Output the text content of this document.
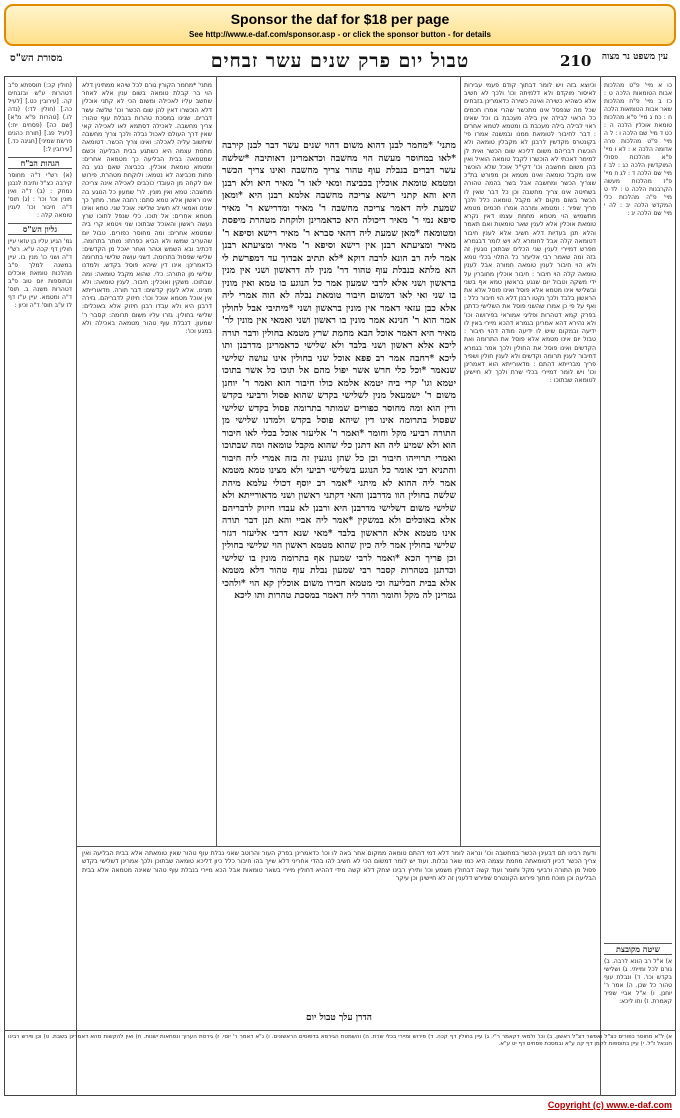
Sponsor the daf for $18 per page
See http://www.e-daf.com/sponsor.asp - or click the sponsor button - for details
מסורת הש"ס	טבול יום פרק שנים עשר זבחים	עין משפט נר מצוה
210

כו א מיי' פ"ט מהלכות אבות הטומאות הלכה ט : כז ב מיי' פ"ח מהלכות שאר אבות הטומאות הלכה ח : כח ג מיי' פ"א מהלכות טומאת אוכלין הלכה ה : כט ד מיי' שם הלכה ו : ל ה מיי' פ"ט מהלכות פרה אדומה הלכה א : לא ו מיי' פ"א מהלכות פסולי המוקדשין הלכה כג : לב ז מיי' שם הלכה ד : לג ח מיי' פ"ז מהלכות מעשה הקרבנות הלכה ט : לד ט מיי' פ"ה מהלכות כלי המקדש הלכה יב : לה י מיי' שם הלכה יג :

וכיוצא בזה ויש לומר דבתוך קודם פעמי עבירות לאיסור מוקדם ולא דלמיתה וכו' ולכך לא חשיב אלא כשהיא כשירה ואינה כשירה כדאמרינן בזבחים שכל מה שנפסל אינו מתכשר שהרי אמרו חכמים כל הראוי לבילה אין בילה מעכבת בו וכל שאינו ראוי לבילה בילה מעכבת בו ומטמא לטמא אחרים : דבר לחיבור לטומאת ממנו ובמשנה אמרו פי' בקונטרס מקדשין לרבנן לא מקבלין טומאה ולא הוכשרו דבריהם משום דליכא שום הכשר ואית לן למימר דאכתי לא הוכשרו לקבל טומאה הואיל ואין בהן משום מחשבה וכו' דקי"ל אוכל שלא הוכשר אינו מקבל טומאה ואינו מטמא וכן מפורש בת"כ שצריך הכשר ומחשבה אבל בשר בהמה טהורה בשחיטה אינו צריך מחשבה וכן כל דבר שאין לו הכשר בשום מקום לא מקבל טומאה כלל ולכך פריך שפיר : ומטמא ומרבה אמרו חכמים מטמא מתשמיש הוי מטמא מחמת עצמו דאין נקרא טומאת אוכלין אלא לענין שאר טומאות ואם תאמר והלא תנן בעדיות דלא חשיב אלא לענין חיבור דטומאה קלה אבל לחומרא לא ויש לומר דבגמרא מפרש דמיירי לענין שני הכלים שבתוכן נוגעין זה בזה ומה שאמר רבי אליעזר כל התלוי בכלי טמא ולא הוי חיבור לענין טומאה חמורה אבל לענין טומאה קלה הוי חיבור : חיבור אוכלין מחוברין על ידי משקה וטבול יום שנגע בראשון טמא אף בשני ובשלישי אינו מטמא אלא פוסל ואינו פוסל אלא את הראשון בלבד ולכך נקטו רבנן דלא הוי חיבור כלל : ואף על פי כן אמרו שהשני פוסל את השלישי כדתנן בפרק קמא דטהרות ופליגי אמוראי בפירושה וכו' ולא נהירא דהא אמרינן בגמרא דהכא מיירי באין לו ידיעה ובמקום שיש לו ידיעה מודה דהוי חיבור : טבול יום אינו מטמא אלא פוסל את התרומה ואת הקדשים ואינו פוסל את החולין ולכך אמר בגמרא דחיבור לענין תרומה וקדשים ולא לענין חולין ושפיר פריך מברייתא דהתם : מדאורייתא הוא דאמרינן וכו' ויש לומר דמיירי בכלי שרת ולכך לא חיישינן לטומאה שבתוכו :

מתני' *מחמר לבנן דהוא משום דהוי שנים עשר דבר לבנן קירבה *לאו במחוסר מעשה הוי מחשבה וכדאמרינן דאותיבה *שלשה עשר דברים בנבלת עוף טהור צריך מחשבה ואינו צריך הכשר ומטמא טומאת אוכלין בכביצה ומאי לאו ר' מאיר היא ולא רבנן היא והא קתני רישא צריכה מחשבה אלמא רבנן היא *ומאן שמעת ליה דאמר צריכה מחשבה ר' מאיר ומדרישא ר' מאיר סיפא נמי ר' מאיר דיכולה היא כדאמרינן ולוקחת מטהרת מיפסת ומטומאה *מאן שמעת ליה דהאי סברא ר' מאיר רישא וסיפא ר' מאיר ומציעתא רבנן אין רישא וסיפא ר' מאיר ומציעתא רבנן אמר ליה רב הונא לרבה דוקא *לא תתיב אבדוך עד דמפרשת לי הא מלתא בנבלת עוף טהור דר' מנין לה דראשון ושני אין מנין בראשון ושני אלא לרבי שמעון אמר כל הנוגע בו טמא ואין מונין בו שני ואי לאו דמשום חיבור טומאת נבלה לא הוה אמרי ליה אלא כבן עזאי דאמר אין מונין בראשון ושני *מיתיבי אבל לחולין אמר הוא ר' חנינא אמר מונין בו ראשון ושני ואמאי אין מונין לר' מאיר היא דאמר אוכל הבא מחמת שרץ מטמא בחולין ודבר תורה ליכא אלא ראשון ושני בלבד ולא שלישי כדאמרינן מדרבנן ותו ליכא *רחבה אמר רב פפא אוכל שני בחולין אינו עושה שלישי שנאמר *וכל כלי חרש אשר יפול מהם אל תוכו כל אשר בתוכו יטמא וגו' קרי ביה יטמא אלמא כולו חיבור הוא ואמר ר' יוחנן משום ר' ישמעאל מנין לשלישי בקדש שהוא פסול ורביעי בקדש ודין הוא ומה מחוסר כפורים שמותר בתרומה פסול בקדש שלישי שפסול בתרומה אינו דין שיהא פוסל בקדש ולמדנו שלישי מן התורה רביעי מקל וחומר *ואמר ר' אליעזר אוכל בכלי לאו חיבור הוא ולא שמיע ליה הא דתנן כלי שהוא מקבל טומאה ומה שבתוכו ואמרי תרוייהו חיבור וכן כל שהן נוגעין זה בזה אמרי ליה חיבור והתניא רבי אומר כל הנוגע בשלישי רביעי ולא מצינו טמא מטמא אמר ליה ההוא לא מיתני *אמר רב יוסף דכולי עלמא מיהת שלשה בחולין הוו מדרבנן והאי דקתני ראשון ושני מדאורייתא ולא שלישי משום דשלישי מדרבנן היא ורבנן לא עבדו חיזוק לדבריהם אלא באוכלים ולא במשקין *אמר ליה אביי והא תנן דבר תורה אינו מטמא אלא הראשון בלבד *מאי שנא דרבי אליעזר דגזר שלישי בחולין אמר ליה כיון שהוא מטמא ראשון הוי שלישי בחולין וכן פריך הכא *ואמר לרבי שמעון אף בתרומה מונין בו שלישי וכדתנן בטהרות קסבר רבי שמעון נבלת עוף טהור דלא מטמא אלא בבית הבליעה וכי מטמא חבירו משום אוכלין קא הוי *ולהכי גמרינן לה מקל וחומר והדר ליה דאמר במסכת טהרות ותו ליכא

מתני' *מחמר הקורין גורם לכל שיהא ממתינין דלא הוי בר קבלת טומאה בשום ענין אלא לאחר שחשב עליו לאכילה ומשום הכי לא קתני אוכלין דלא הוכשרו דאין להן שום הכשר וכו' שלשה עשר דברים. שנינו במסכת טהרות בנבלת עוף טהור: צריך מחשבה. לאכילה דסתמא לאו לאכילה קאי שאין דרך העולם לאכול נבלה ולכך צריך מחשבה שיחשוב עליה לאכלה: ואינו צריך הכשר. דטומאה מחמת עצמה היא כשתגע בבית הבליעה וכשם שמטמאה בבית הבליעה כך מטמאה אחרים: ומטמא טומאת אוכלין. בכביצה שאם נגע בה פחות מכביצה לא נטמא: ולוקחת מטהרת. פירוש אם לקחה מן העובדי כוכבים לאכילה אינה צריכה מחשבה: טמא ואין מונין. לר' שמעון כל הנוגע בה אינו ראשון אלא טמא סתם: רחבה אמר. מתוך כך שנינו ואמאי לא חשיב שלישי: אוכל שני. טמא ואינו מטמא אחרים: אל תוכו. כלי שנפל לתוכו שרץ נעשה ראשון והאוכל שבתוכו שני ויטמא קרי ביה שמטמא אחרים: ומה מחוסר כפורים. טבול יום שהעריב שמשו ולא הביא כפרתו: מותר בתרומה. דכתיב ובא השמש וטהר ואחר יאכל מן הקדשים: שלישי שפסול בתרומה. דשני עושה שלישי בתרומה כדאמרינן: אינו דין שיהא פוסל בקדש. ולמדנו שלישי מן התורה: כלי. שהוא מקבל טומאה: ומה שבתוכו. משקין ואוכלין: חיבור. לענין טומאה: ולא מצינו. אלא לענין קדשים: דבר תורה. מדאורייתא אין אוכל מטמא אוכל וכו': חיזוק לדבריהם. גזירה דרבנן היא ולא עבדו רבנן חיזוק אלא באוכלים: שלישי בחולין. גזרו עליו משום תרומה: קסבר ר' שמעון. דנבלת עוף טהור מטמאה באכילה ולא במגע וכו':

(חולין קכ:) תוספתא פ"ב דטהרות ע"ש ובזבחים קה. [עירובין כט.] [לעיל כה.] (חולין לד:) (נדה לו.) [טהרות פ"א מ"א] [שם כה] (פסחים יח:) [לעיל פג.] [תורת כהנים פרשת שמיני] [חגיגה כד.] [עירובין ל:]

הגהות הב"ח

(א) רש"י ד"ה מחוסר קירבה כצ"ל ותיבת לנבנן נמחק : (ב) ד"ה ואין מונין וכו' וכו' : (ג) תוס' ד"ה חיבור וכו' לענין טומאה קלה :

גליון הש"ס

גמ' הגיע עליו בן עזאי עיין חולין דף קכה ע"א. רש"י ד"ה ושני כו' מנין בו. עיין במשנה למלך פ"ב מהלכות טומאת אוכלים ובתוספות יום טוב פ"ב דטהרות משנה ב. תוס' ד"ה ומטמא. עיין ע"ז דף לז ע"ב תוס' ד"ה וכיון :

ודעת רבינו תם דבעינן הכשר במחשבה וכו' ונראה לומר דלא דמי דהתם טומאה ממקום אחר באה לו וכו' כדאמרינן בפרק העור והרוטב שאני נבלת עוף טהור שאין טומאתה אלא בבית הבליעה ואין צריך הכשר דכיון דטומאתה מחמת עצמה היא כמו שאר נבלות. ועוד יש לומר דמשום הכי לא חשיב להו בהדי אחריני דלא שייך בהו חיבור כלל כיון דליכא טומאה שבתוכן ולכך אמרינן דשלישי בקדש פסול מן התורה ורביעי מקל וחומר ועוד קשה דבחולין משמע וכו' ותירץ רבינו יצחק דלא קשה מידי דההיא דחולין מיירי בשאר טומאות אבל הכא מיירי בנבלת עוף טהור שאינה מטמאה אלא בבית הבליעה וכן מוכח מתוך פירוש הקונטרס שפירש דלענין זה לא חיישינן וכן עיקר

הדרן עלך טבול יום
שיטה מקובצת

א) א"ל רב הונא לרבה. ב) גורם לכל ומייתי. ג) ושלישי בקדש וכו'. ד) ונבלת עוף טהור כל שכן. ה) אמר ר' יוחנן. ו) א"ל אביי שפיר קאמרת. ז) ותו ליכא:

א) ל"א מחוסר כפורים כצ"ל ואפשר דצ"ל ראשון. ב) וכו' ולמאי דקאמר ר"י. ג) עיין בחולין דף קכה. ד) פירוש ומיירי בכלי שרת. ה) והשמטת הגירסא בדפוסים הראשונים. ו) נ"א דאמר ר' יוסי. ז) גירסת הערוך ונסחאות ישנות. ח) ואין להקשות מהא דאמרינן בשבת. ט) וכן פירש רבינו חננאל ז"ל. י) עיין בתוספות לקמן דף קה ע"א ובמסכת פסחים דף יט ע"א.

Copyright (c) www.e-daf.com
